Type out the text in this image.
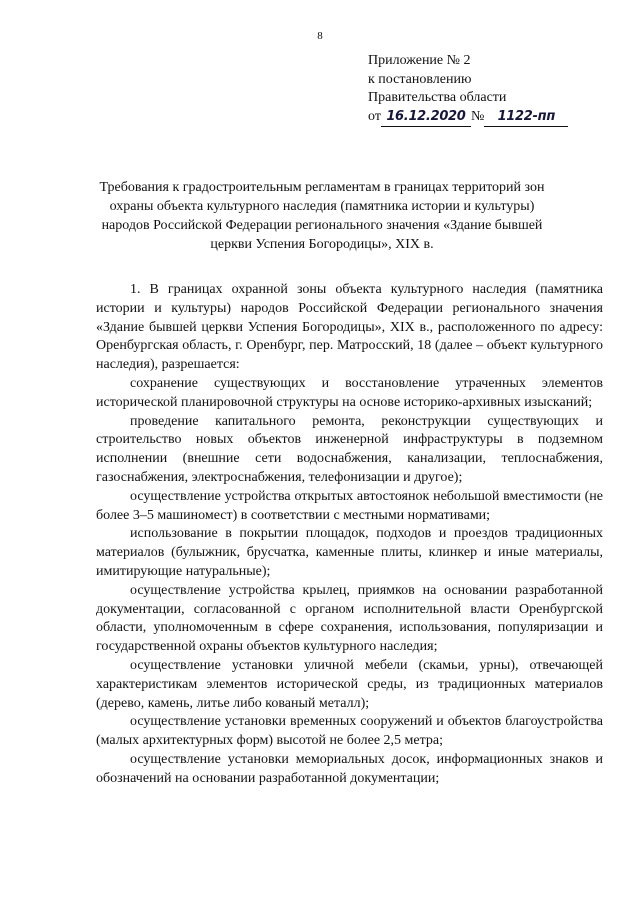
8
Приложение № 2
к постановлению
Правительства области
от 16.12.2020 №	1122-пп
Требования к градостроительным регламентам в границах территорий зон
охраны объекта культурного наследия (памятника истории и культуры)
народов Российской Федерации регионального значения «Здание бывшей
церкви Успения Богородицы», XIX в.

1. В границах охранной зоны объекта культурного наследия (памятника истории и культуры) народов Российской Федерации регионального значения «Здание бывшей церкви Успения Богородицы», XIX в., расположенного по адресу: Оренбургская область, г. Оренбург, пер. Матросский, 18 (далее – объект культурного наследия), разрешается:

сохранение существующих и восстановление утраченных элементов исторической планировочной структуры на основе историко-архивных изысканий;

проведение капитального ремонта, реконструкции существующих и строительство новых объектов инженерной инфраструктуры в подземном исполнении (внешние сети водоснабжения, канализации, теплоснабжения, газоснабжения, электроснабжения, телефонизации и другое);

осуществление устройства открытых автостоянок небольшой вместимости (не более 3–5 машиномест) в соответствии с местными нормативами;

использование в покрытии площадок, подходов и проездов традиционных материалов (булыжник, брусчатка, каменные плиты, клинкер и иные материалы, имитирующие натуральные);

осуществление устройства крылец, приямков на основании разработанной документации, согласованной с органом исполнительной власти Оренбургской области, уполномоченным в сфере сохранения, использования, популяризации и государственной охраны объектов культурного наследия;

осуществление установки уличной мебели (скамьи, урны), отвечающей характеристикам элементов исторической среды, из традиционных материалов (дерево, камень, литье либо кованый металл);

осуществление установки временных сооружений и объектов благоустройства (малых архитектурных форм) высотой не более 2,5 метра;

осуществление установки мемориальных досок, информационных знаков и обозначений на основании разработанной документации;
